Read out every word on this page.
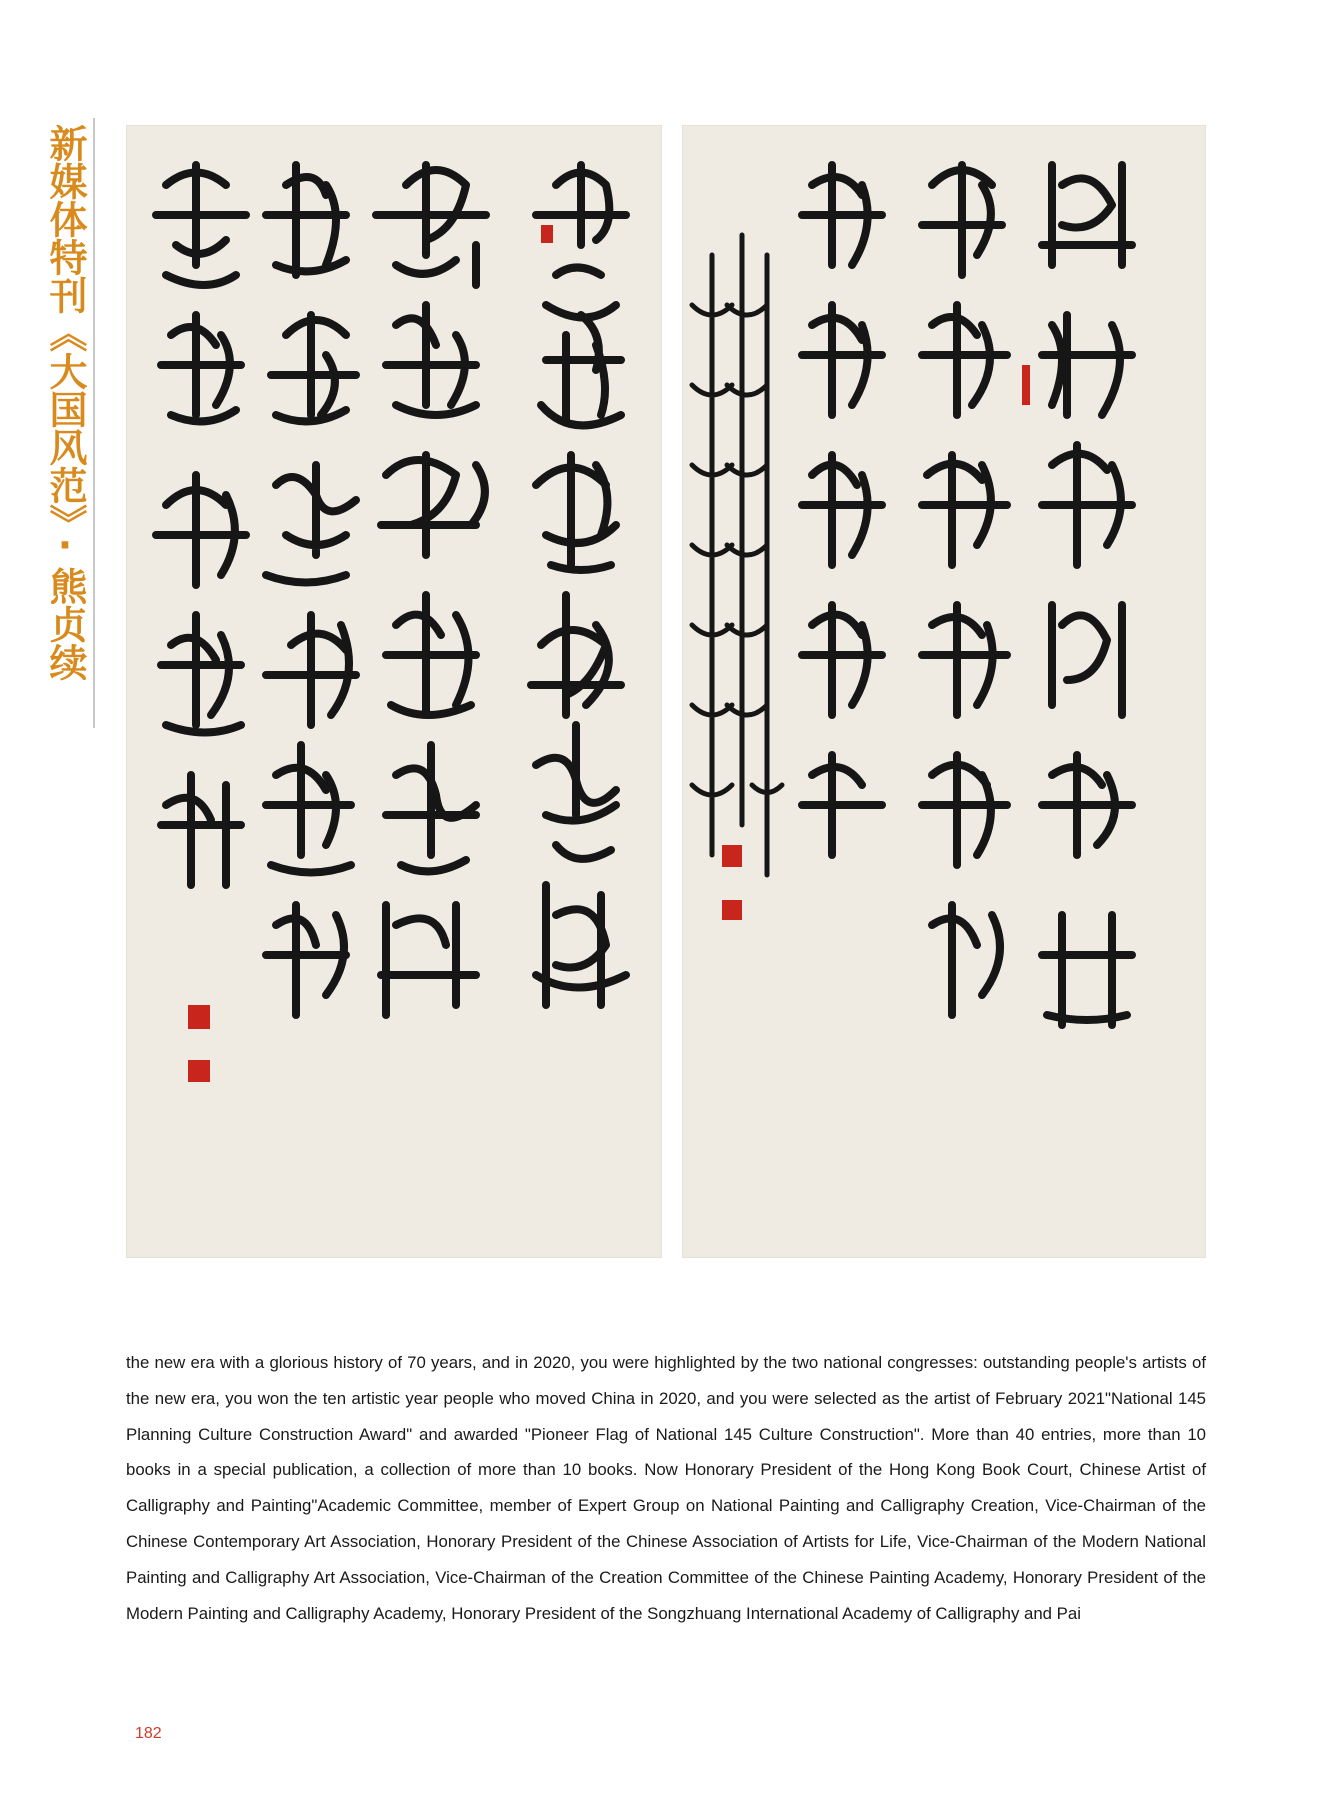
新媒体特刊《大国风范》·熊贞续
the new era with a glorious history of 70 years, and in 2020, you were highlighted by the two national congresses: outstanding people's artists of the new era, you won the ten artistic year people who moved China in 2020, and you were selected as the artist of February 2021"National 145 Planning Culture Construction Award" and awarded "Pioneer Flag of National 145 Culture Construction". More than 40 entries, more than 10 books in a special publication, a collection of more than 10 books. Now Honorary President of the Hong Kong Book Court, Chinese Artist of Calligraphy and Painting"Academic Committee, member of Expert Group on National Painting and Calligraphy Creation, Vice-Chairman of the Chinese Contemporary Art Association, Honorary President of the Chinese Association of Artists for Life, Vice-Chairman of the Modern National Painting and Calligraphy Art Association, Vice-Chairman of the Creation Committee of the Chinese Painting Academy, Honorary President of the Modern Painting and Calligraphy Academy, Honorary President of the Songzhuang International Academy of Calligraphy and Pai
182
